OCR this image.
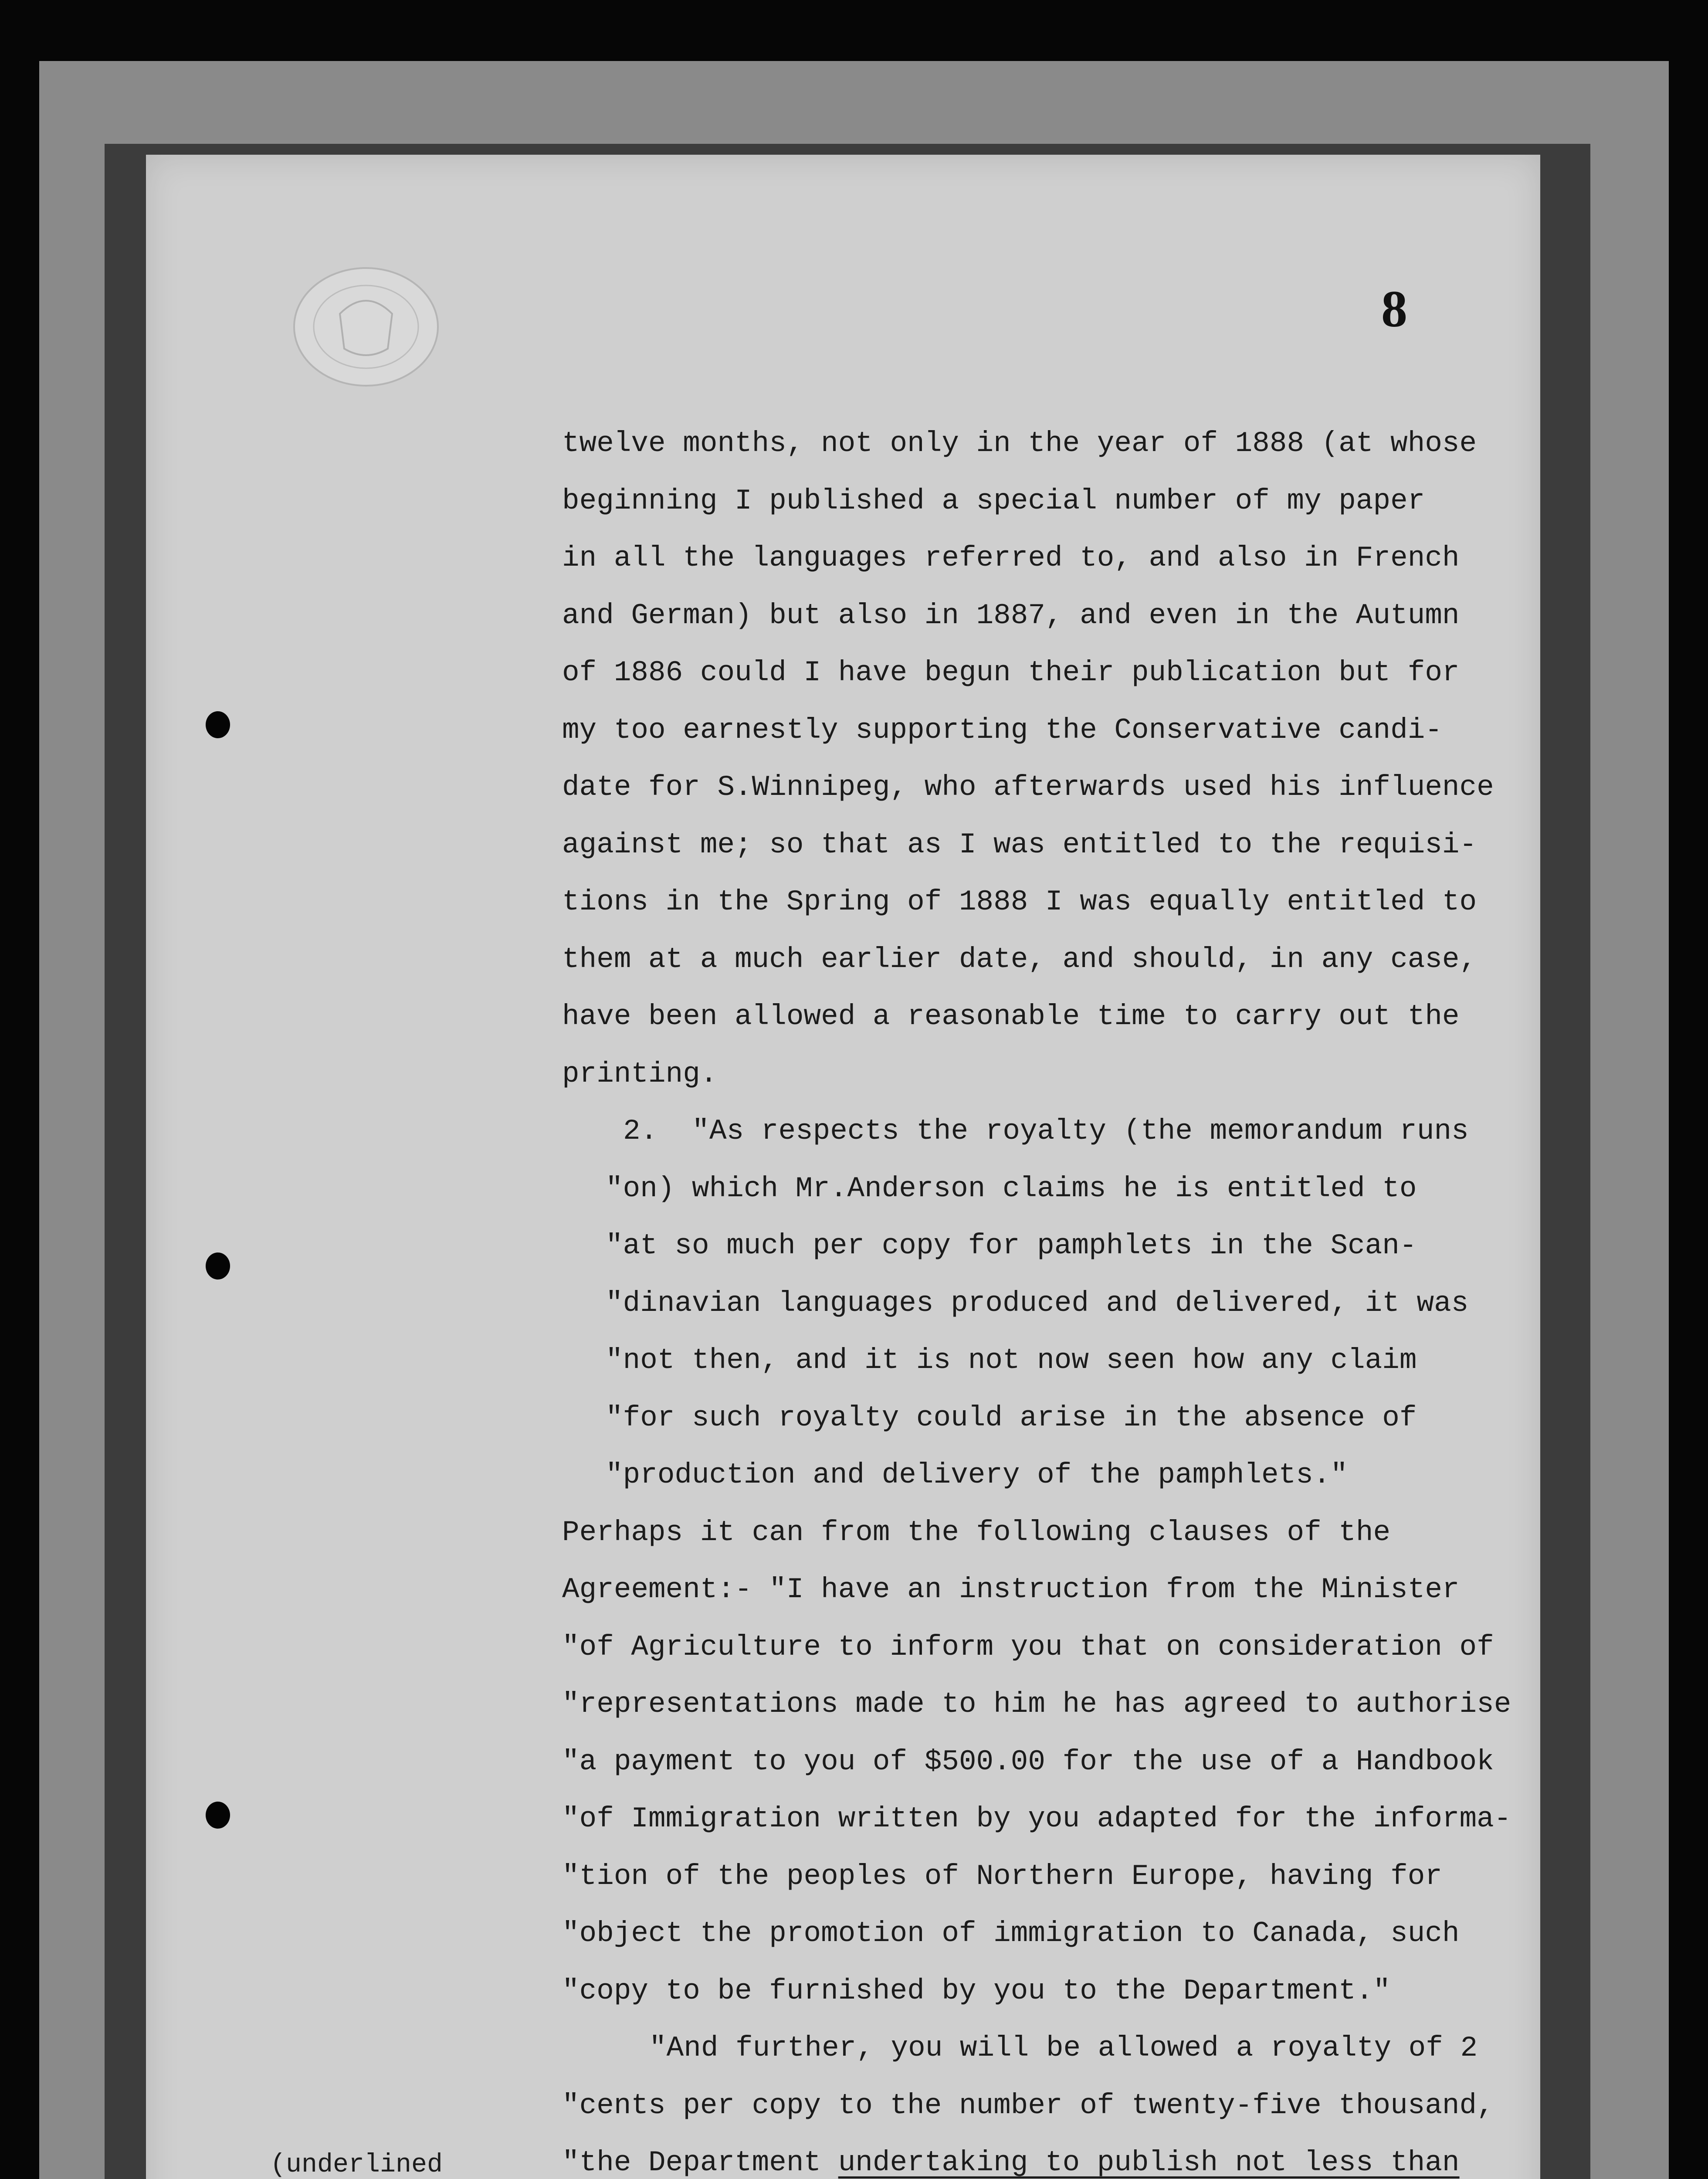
8
twelve months, not only in the year of 1888 (at whose
beginning I published a special number of my paper
in all the languages referred to, and also in French
and German) but also in 1887, and even in the Autumn
of 1886 could I have begun their publication but for
my too earnestly supporting the Conservative candi-
date for S.Winnipeg, who afterwards used his influence
against me; so that as I was entitled to the requisi-
tions in the Spring of 1888 I was equally entitled to
them at a much earlier date, and should, in any case,
have been allowed a reasonable time to carry out the
printing.
2.  "As respects the royalty (the memorandum runs
"on) which Mr.Anderson claims he is entitled to
"at so much per copy for pamphlets in the Scan-
"dinavian languages produced and delivered, it was
"not then, and it is not now seen how any claim
"for such royalty could arise in the absence of
"production and delivery of the pamphlets."
Perhaps it can from the following clauses of the
Agreement:- "I have an instruction from the Minister
"of Agriculture to inform you that on consideration of
"representations made to him he has agreed to authorise
"a payment to you of $500.00 for the use of a Handbook
"of Immigration written by you adapted for the informa-
"tion of the peoples of Northern Europe, having for
"object the promotion of immigration to Canada, such
"copy to be furnished by you to the Department."
"And further, you will be allowed a royalty of 2
"cents per copy to the number of twenty-five thousand,
"the Department undertaking to publish not less than
(underlined
